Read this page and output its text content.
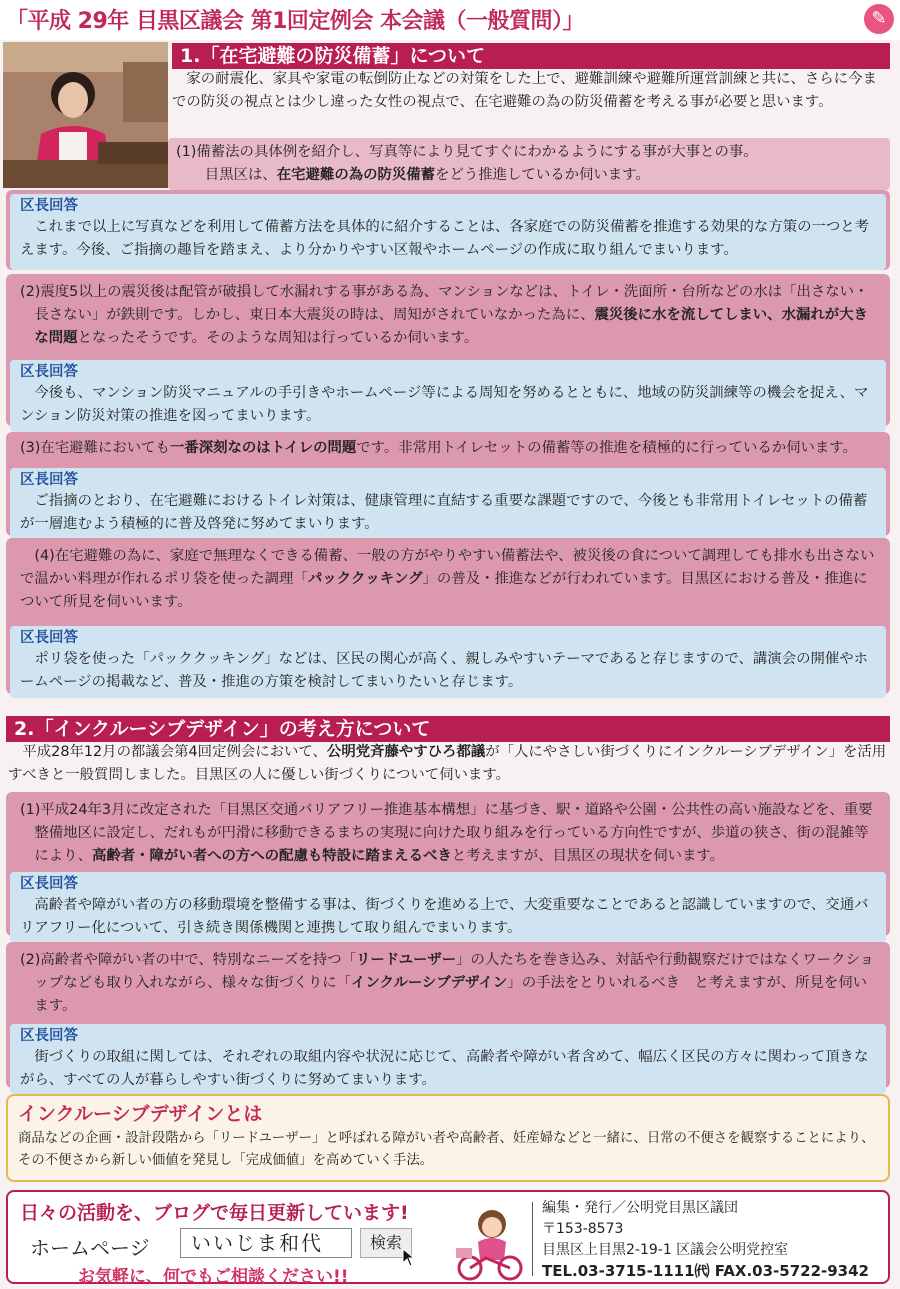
「平成 29年 目黒区議会 第1回定例会 本会議（一般質問）」	✎
1.「在宅避難の防災備蓄」について
家の耐震化、家具や家電の転倒防止などの対策をした上で、避難訓練や避難所運営訓練と共に、さらに今までの防災の視点とは少し違った女性の視点で、在宅避難の為の防災備蓄を考える事が必要と思います。
(1)備蓄法の具体例を紹介し、写真等により見てすぐにわかるようにする事が大事との事。
目黒区は、在宅避難の為の防災備蓄をどう推進しているか伺います。
区長回答
これまで以上に写真などを利用して備蓄方法を具体的に紹介することは、各家庭での防災備蓄を推進する効果的な方策の一つと考えます。今後、ご指摘の趣旨を踏まえ、より分かりやすい区報やホームページの作成に取り組んでまいります。
(2)震度5以上の震災後は配管が破損して水漏れする事がある為、マンションなどは、トイレ・洗面所・台所などの水は「出さない・長さない」が鉄則です。しかし、東日本大震災の時は、周知がされていなかった為に、震災後に水を流してしまい、水漏れが大きな問題となったそうです。そのような周知は行っているか伺います。
区長回答
今後も、マンション防災マニュアルの手引きやホームページ等による周知を努めるとともに、地域の防災訓練等の機会を捉え、マンション防災対策の推進を図ってまいります。
(3)在宅避難においても一番深刻なのはトイレの問題です。非常用トイレセットの備蓄等の推進を積極的に行っているか伺います。
区長回答
ご指摘のとおり、在宅避難におけるトイレ対策は、健康管理に直結する重要な課題ですので、今後とも非常用トイレセットの備蓄が一層進むよう積極的に普及啓発に努めてまいります。
(4)在宅避難の為に、家庭で無理なくできる備蓄、一般の方がやりやすい備蓄法や、被災後の食について調理しても排水も出さないで温かい料理が作れるポリ袋を使った調理「パッククッキング」の普及・推進などが行われています。目黒区における普及・推進について所見を伺いいます。
区長回答
ポリ袋を使った「パッククッキング」などは、区民の関心が高く、親しみやすいテーマであると存じますので、講演会の開催やホームページの掲載など、普及・推進の方策を検討してまいりたいと存じます。
2.「インクルーシブデザイン」の考え方について
平成28年12月の都議会第4回定例会において、公明党斉藤やすひろ都議が「人にやさしい街づくりにインクルーシブデザイン」を活用すべきと一般質問しました。目黒区の人に優しい街づくりについて伺います。
(1)平成24年3月に改定された「目黒区交通バリアフリー推進基本構想」に基づき、駅・道路や公園・公共性の高い施設などを、重要整備地区に設定し、だれもが円滑に移動できるまちの実現に向けた取り組みを行っている方向性ですが、歩道の狭さ、街の混雑等により、高齢者・障がい者への方への配慮も特設に踏まえるべきと考えますが、目黒区の現状を伺います。
区長回答
高齢者や障がい者の方の移動環境を整備する事は、街づくりを進める上で、大変重要なことであると認識していますので、交通バリアフリー化について、引き続き関係機関と連携して取り組んでまいります。
(2)高齢者や障がい者の中で、特別なニーズを持つ「リードユーザー」の人たちを巻き込み、対話や行動観察だけではなくワークショップなども取り入れながら、様々な街づくりに「インクルーシブデザイン」の手法をとりいれるべき　と考えますが、所見を伺います。
区長回答
街づくりの取組に関しては、それぞれの取組内容や状況に応じて、高齢者や障がい者含めて、幅広く区民の方々に関わって頂きながら、すべての人が暮らしやすい街づくりに努めてまいります。
インクルーシブデザインとは
商品などの企画・設計段階から「リードユーザー」と呼ばれる障がい者や高齢者、妊産婦などと一緒に、日常の不便さを観察することにより、その不便さから新しい価値を発見し「完成価値」を高めていく手法。
日々の活動を、ブログで毎日更新しています!
ホームページ	いいじま和代	検索
お気軽に、何でもご相談ください!!
編集・発行／公明党目黒区議団
〒153-8573
目黒区上目黒2-19-1 区議会公明党控室
TEL.03-3715-1111㈹ FAX.03-5722-9342
